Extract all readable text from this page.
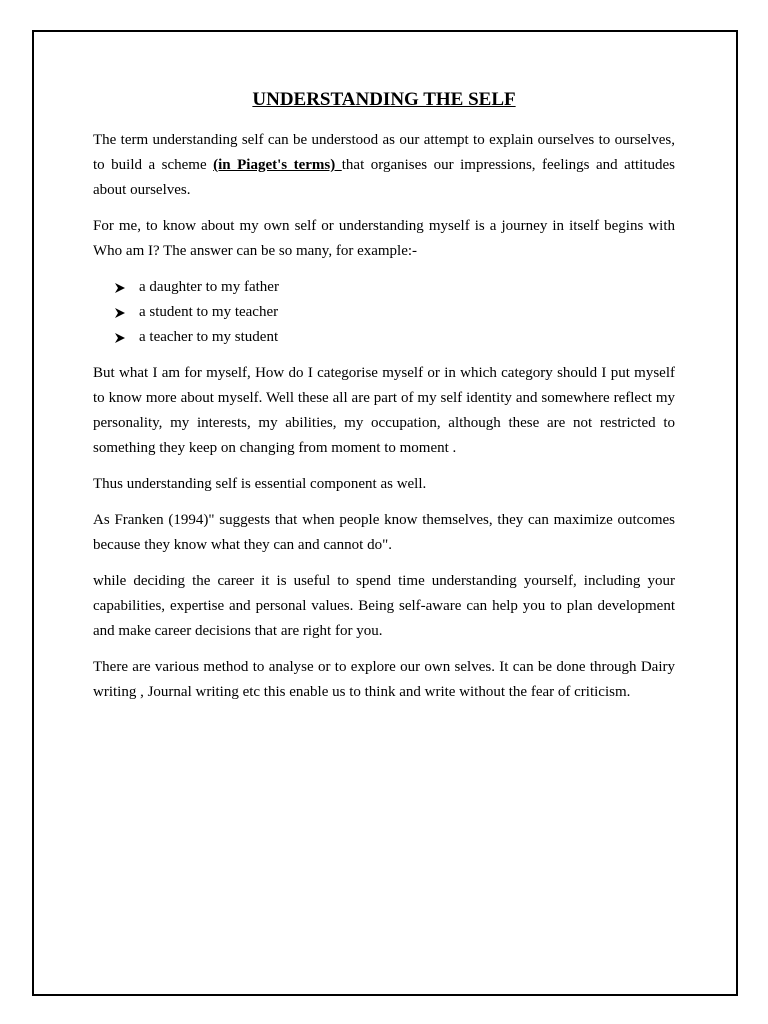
UNDERSTANDING THE SELF

The term understanding self can be understood as our attempt to explain ourselves to ourselves, to build a scheme (in Piaget's terms) that organises our impressions, feelings and attitudes about ourselves.

For me, to know about my own self or understanding myself is a journey in itself begins with Who am I? The answer can be so many, for example:-

a daughter to my father
a student to my teacher
a teacher to my student

But what I am for myself, How do I categorise myself or in which category should I put myself to know more about myself. Well these all are part of my self identity and somewhere reflect my personality, my interests, my abilities, my occupation, although these are not restricted to something they keep on changing from moment to moment .

Thus understanding self is essential component as well.

As Franken (1994)" suggests that when people know themselves, they can maximize outcomes because they know what they can and cannot do".

while deciding the career it is useful to spend time understanding yourself, including your capabilities, expertise and personal values. Being self-aware can help you to plan development and make career decisions that are right for you.

There are various method to analyse or to explore our own selves. It can be done through Dairy writing , Journal writing etc this enable us to think and write without the fear of criticism.
